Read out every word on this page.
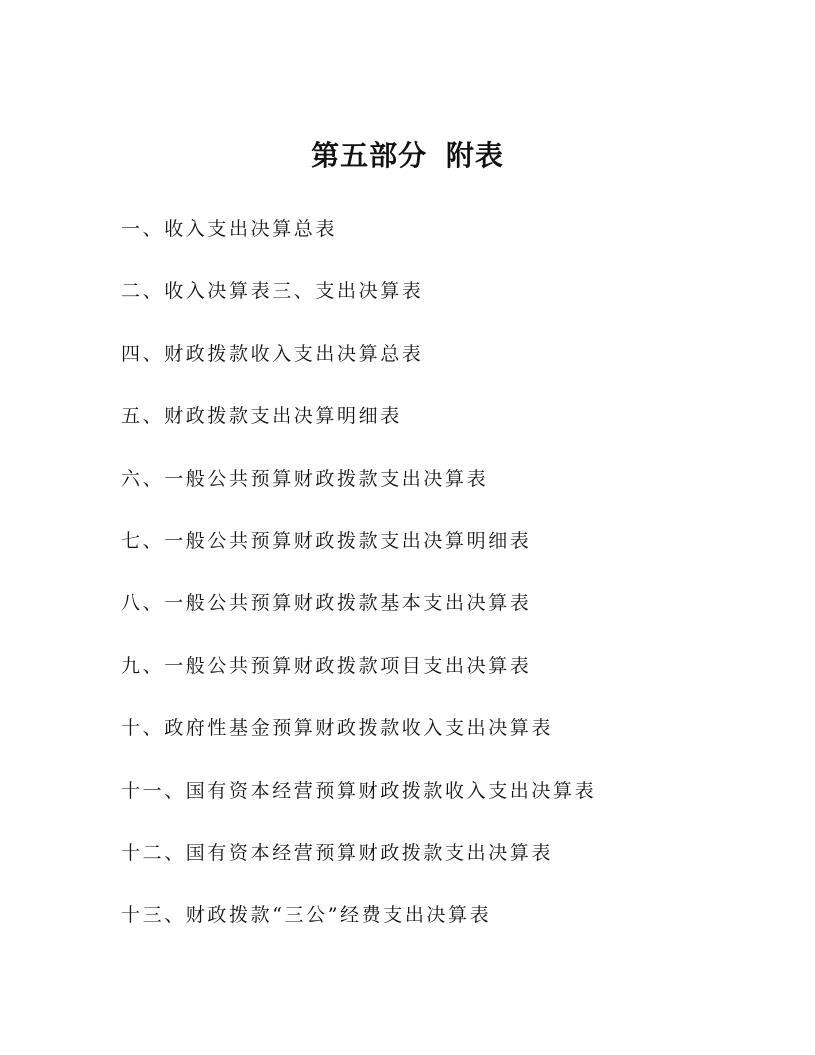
第五部分 附表
一、收入支出决算总表
二、收入决算表三、支出决算表
四、财政拨款收入支出决算总表
五、财政拨款支出决算明细表
六、一般公共预算财政拨款支出决算表
七、一般公共预算财政拨款支出决算明细表
八、一般公共预算财政拨款基本支出决算表
九、一般公共预算财政拨款项目支出决算表
十、政府性基金预算财政拨款收入支出决算表
十一、国有资本经营预算财政拨款收入支出决算表
十二、国有资本经营预算财政拨款支出决算表
十三、财政拨款“三公”经费支出决算表
